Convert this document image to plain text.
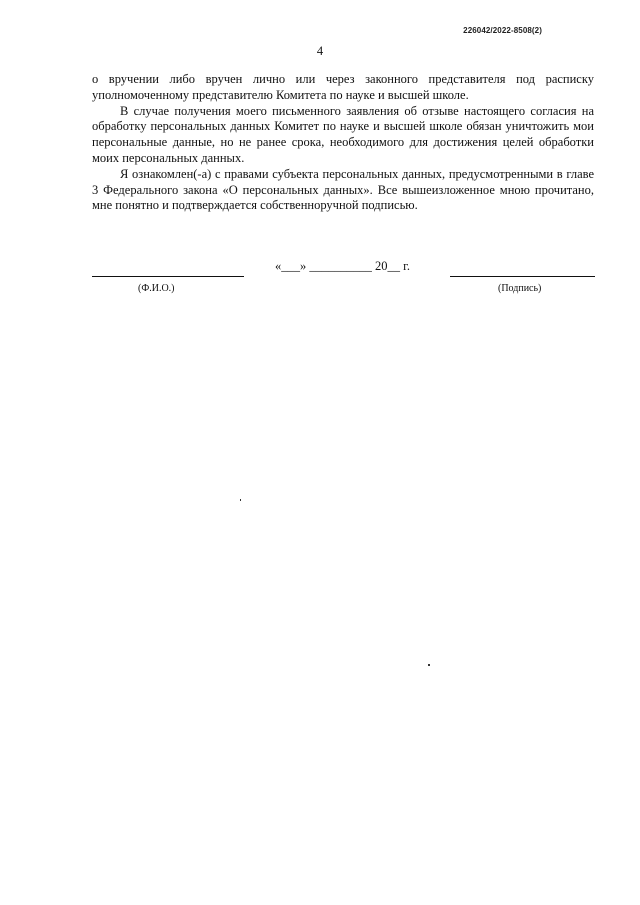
226042/2022-8508(2)
4

о вручении либо вручен лично или через законного представителя под расписку уполномоченному представителю Комитета по науке и высшей школе.

В случае получения моего письменного заявления об отзыве настоящего согласия на обработку персональных данных Комитет по науке и высшей школе обязан уничтожить мои персональные данные, но не ранее срока, необходимого для достижения целей обработки моих персональных данных.

Я ознакомлен(-а) с правами субъекта персональных данных, предусмотренными в главе 3 Федерального закона «О персональных данных». Все вышеизложенное мною прочитано, мне понятно и подтверждается собственноручной подписью.

«___» __________ 20__ г.
(Ф.И.О.)	(Подпись)
